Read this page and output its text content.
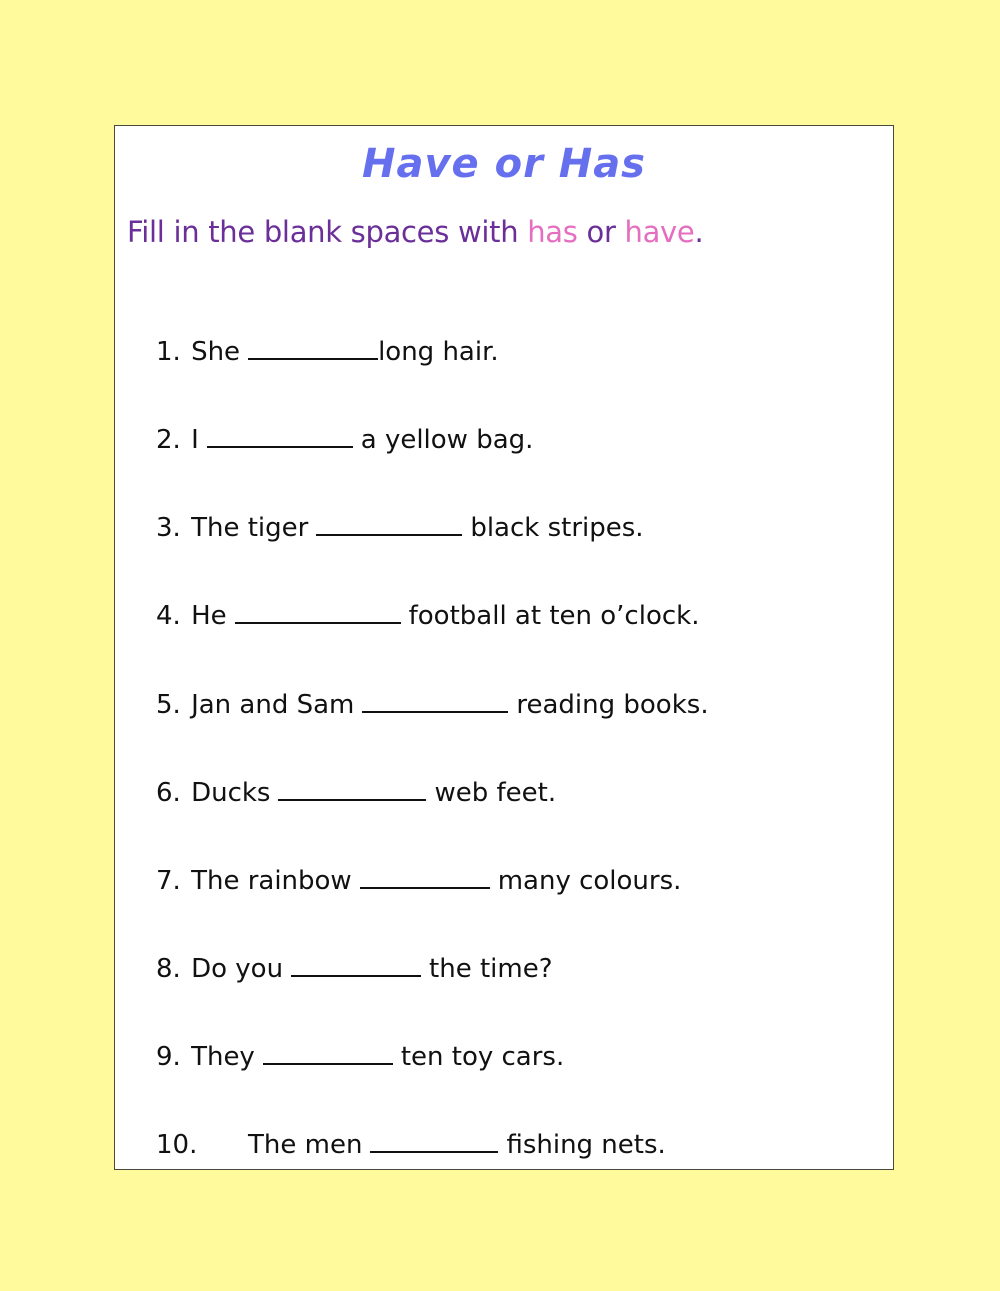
Have or Has
Fill in the blank spaces with has or have.
1. She	long hair.
2. I	a yellow bag.
3. The tiger	black stripes.
4. He	football at ten o’clock.
5. Jan and Sam	reading books.
6. Ducks	web feet.
7. The rainbow	many colours.
8. Do you	the time?
9. They	ten toy cars.
10. The men	fishing nets.
